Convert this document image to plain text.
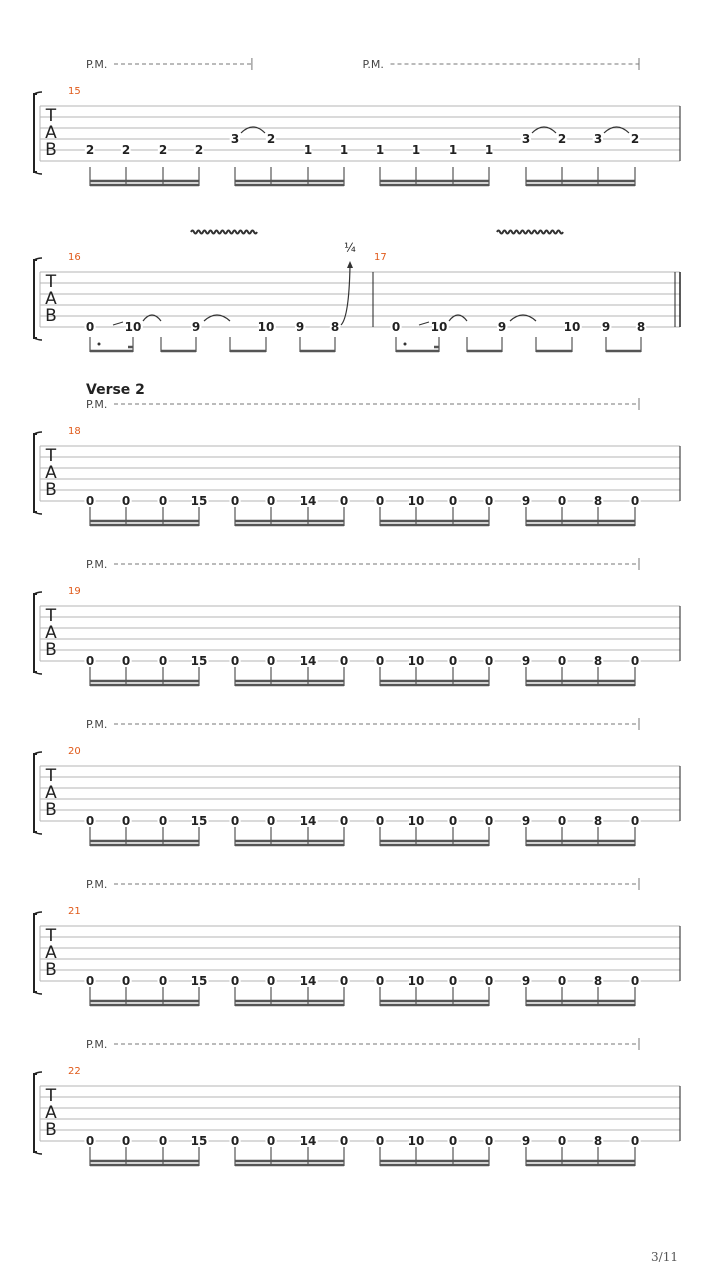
T
A
B
15
P.M.	P.M.
2 2 2 2
3 2
1 1 1 1 1 1
3 2 3 2
T
A
B
18
Verse 2
P.M.
0 0 0 15 0 0 14 0 0 10 0 0 9 0 8 0
T
A
B
19
P.M.
0 0 0 15 0 0 14 0 0 10 0 0 9 0 8 0
T
A
B
20
P.M.
0 0 0 15 0 0 14 0 0 10 0 0 9 0 8 0
T
A
B
21
P.M.
0 0 0 15 0 0 14 0 0 10 0 0 9 0 8 0
T
A
B
22
P.M.
0 0 0 15 0 0 14 0 0 10 0 0 9 0 8 0
T
A
B
16	17
0	10	9	10 9 8
¼
0	10	9	10 9 8
3/11
